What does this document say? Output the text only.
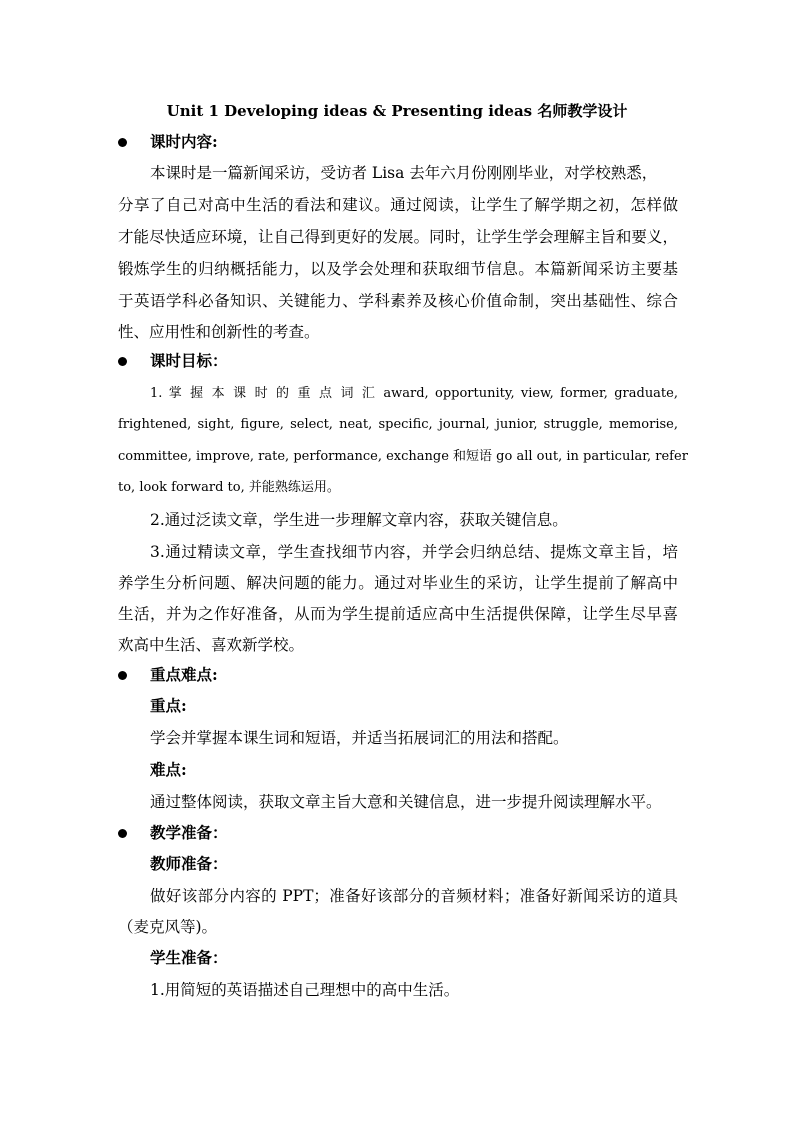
Unit 1 Developing ideas & Presenting ideas 名师教学设计
课时内容:
本课时是一篇新闻采访，受访者 Lisa 去年六月份刚刚毕业，对学校熟悉，
分享了自己对高中生活的看法和建议。通过阅读，让学生了解学期之初，怎样做
才能尽快适应环境，让自己得到更好的发展。同时，让学生学会理解主旨和要义，
锻炼学生的归纳概括能力，以及学会处理和获取细节信息。本篇新闻采访主要基
于英语学科必备知识、关键能力、学科素养及核心价值命制，突出基础性、综合
性、应用性和创新性的考查。
课时目标：
1. 掌 握 本 课 时 的 重 点 词 汇 award, opportunity, view, former, graduate,
frightened, sight, figure, select, neat, specific, journal, junior, struggle, memorise,
committee, improve, rate, performance, exchange 和短语 go all out, in particular, refer
to, look forward to, 并能熟练运用。
2.通过泛读文章，学生进一步理解文章内容，获取关键信息。
3.通过精读文章，学生查找细节内容，并学会归纳总结、提炼文章主旨，培
养学生分析问题、解决问题的能力。通过对毕业生的采访，让学生提前了解高中
生活，并为之作好准备，从而为学生提前适应高中生活提供保障，让学生尽早喜
欢高中生活、喜欢新学校。
重点难点:
重点:
学会并掌握本课生词和短语，并适当拓展词汇的用法和搭配。
难点:
通过整体阅读，获取文章主旨大意和关键信息，进一步提升阅读理解水平。
教学准备：
教师准备：
做好该部分内容的 PPT；准备好该部分的音频材料；准备好新闻采访的道具
（麦克风等)。
学生准备：
1.用简短的英语描述自己理想中的高中生活。
